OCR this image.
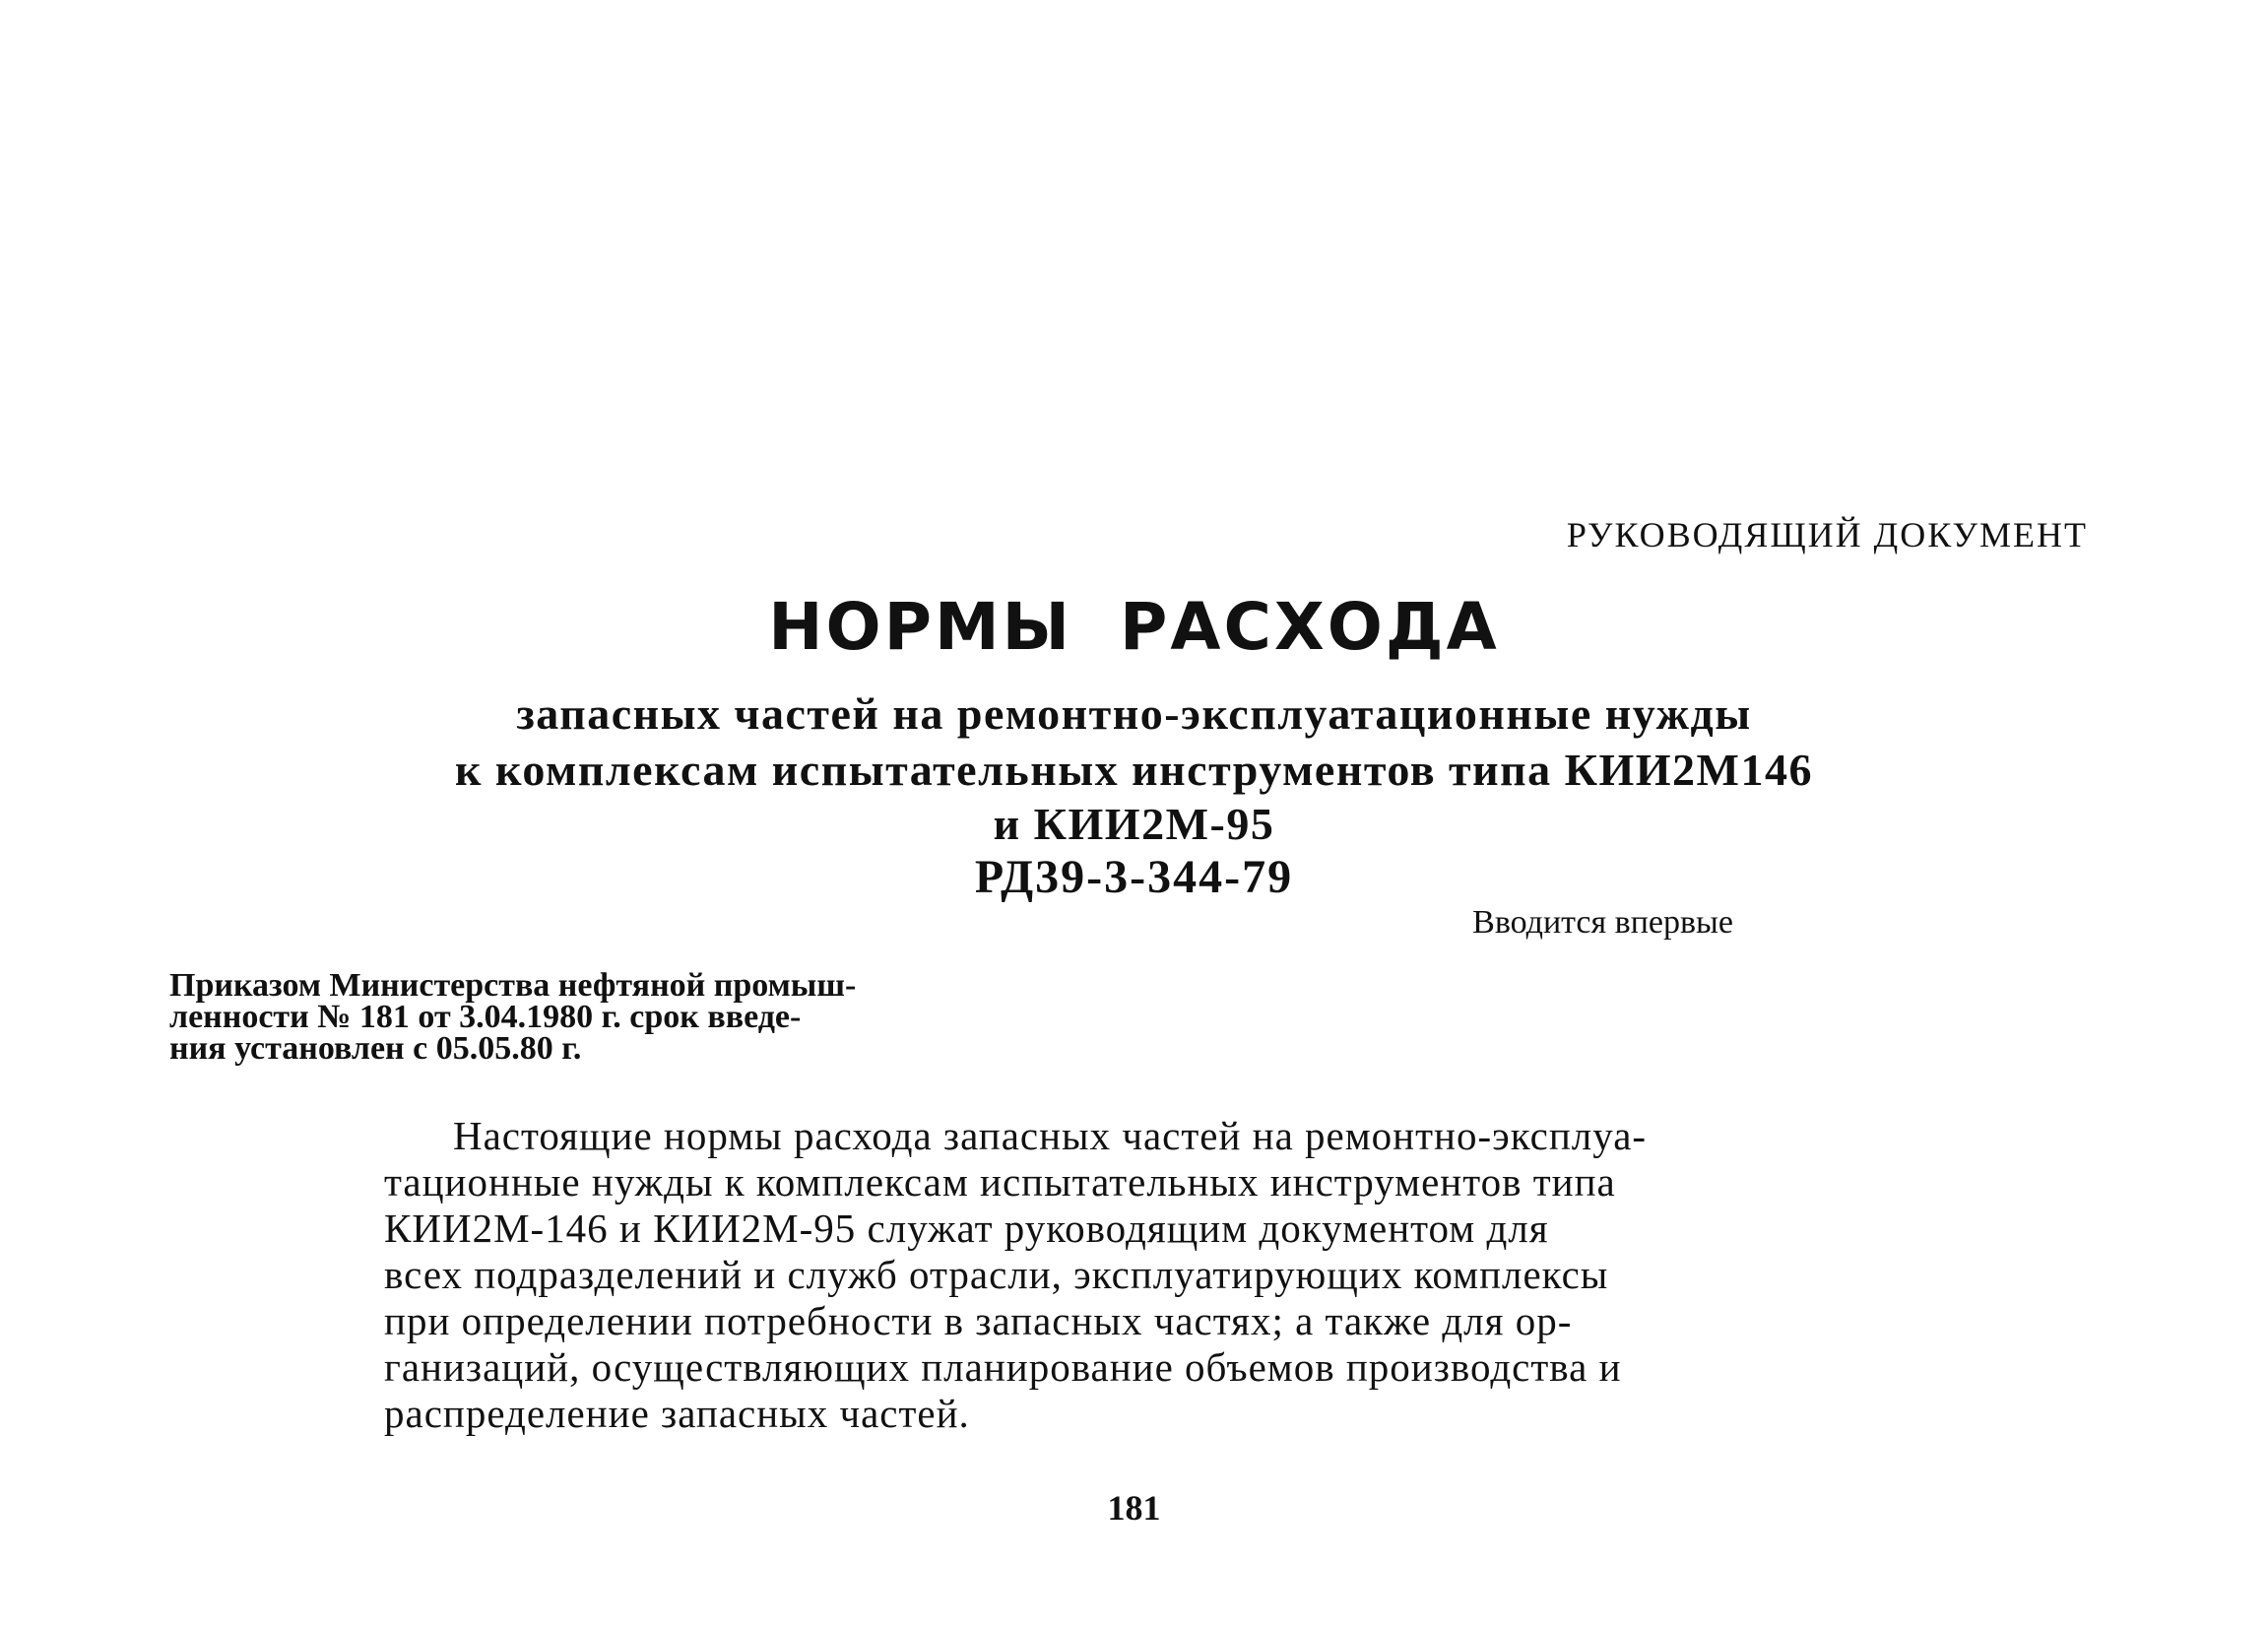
РУКОВОДЯЩИЙ ДОКУМЕНТ
НОРМЫ РАСХОДА
запасных частей на ремонтно-эксплуатационные нужды
к комплексам испытательных инструментов типа КИИ2М146
и КИИ2М-95
РД39-3-344-79
Вводится впервые
Приказом Министерства нефтяной промыш-
ленности № 181 от 3.04.1980 г. срок введе-
ния установлен с 05.05.80 г.
Настоящие нормы расхода запасных частей на ремонтно-эксплуа-
тационные нужды к комплексам испытательных инструментов типа
КИИ2М-146 и КИИ2М-95 служат руководящим документом для
всех подразделений и служб отрасли, эксплуатирующих комплексы
при определении потребности в запасных частях; а также для ор-
ганизаций, осуществляющих планирование объемов производства и
распределение запасных частей.
181
